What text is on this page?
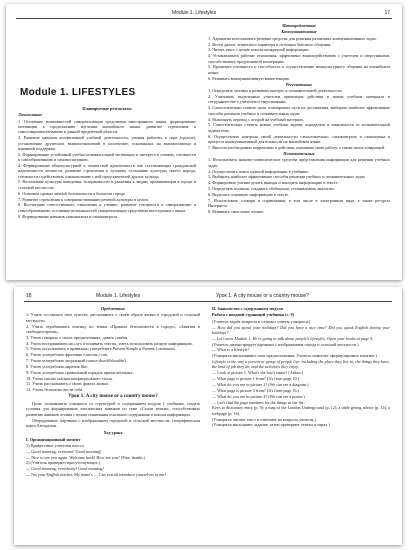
Module 1. Lifestyles	17
Module 1. LIFESTYLES

Планируемые результаты

Личностные

1. Осознание возможностей самореализации средствами иностранного языка, формирование мотивации к продолжению изучения английского языка, развитие стремления к самосовершенствованию в данной предметной области.

2. Развитие навыков коллективной учебной деятельности, умения работать в паре (группе), установление дружеских взаимоотношений в коллективе, основанных на взаимопомощи и взаимной поддержке.

3. Формирование устойчивой учебно-познавательной мотивации и интереса к учению, готовности к самообразованию и самовоспитанию.

4. Формирование общекультурной и этнической идентичности как составляющих гражданской идентичности личности, развитие стремления к лучшему осознанию культуры своего народа, готовности содействовать ознакомлению с ней представителей других культур.

5. Воспитание культуры поведения, толерантности и уважения к людям, проживающим в городе и сельской местности.

6. Освоение правил личной безопасности в большом городе.

7. Развитие стремления к совершенствованию речевой культуры в целом.

8. Воспитание ответственного отношения к учению, развитие готовности к саморазвитию и самообразованию; осознание возможностей самореализации средствами иностранного языка.

9. Формирование навыков самоанализа и самоконтроля.

Метапредметные

Коммуникативные

1. Адекватно использовать речевые средства для решения различных коммуникативных задач.

2. Вести диалог этикетного характера в ситуации бытового общения.

3. Читать текст с целью поиска конкретной информации.

4. Устанавливать рабочие отношения, эффективно взаимодействовать с учителем и сверстниками, способствовать продуктивной кооперации.

5. Проявлять готовность и способность к осуществлению межкультурного общения на английском языке.

6. Развивать коммуникативную компетенцию.

Регулятивные

1. Определять мотивы и развивать интерес к познавательной деятельности.

2. Учитывать выделенные учителем ориентиры действия в новом учебном материале в сотрудничестве с учителем и сверстниками.

3. Самостоятельно ставить цели, планировать пути их достижения, выбирать наиболее эффективные способы решения учебных и познавательных задач.

4. Выполнять перевод с опорой на учебный материал.

5. Самостоятельно ставить новые учебные задачи, определять в зависимости от познавательной задачи тему.

6. Осуществлять контроль своей деятельности самостоятельно, самоконтроль и самооценка в процессе коммуникативной деятельности на английском языке.

7. Вносить необходимые коррективы в действия, оценивать свою работу, а также своих товарищей.

Познавательные

1. Использовать знаково-символические средства представления информации для решения учебных задач.

2. Осуществлять поиск нужной информации в учебнике.

3. Выбирать наиболее эффективные способы решения учебных и познавательных задач.

4. Формировать умение делать выводы и находить информацию в тексте.

5. Определять понятия, создавать обобщения, устанавливать аналогии.

6. Выделять основную информацию в тексте.

7. Использовать словари и справочники, в том числе в электронном виде, а также ресурсы Интернета.

8. Развивать смысловое чтение.

18	Module 1. Lifestyles	Урок 1. A city mouse or a country mouse?

Предметные

1. Учить составлять свое чувство, рассказывать о своём образе жизни в городской и сельской местности.

2. Учить отрабатывать лексику по темам «Правила безопасности в городе», «Занятия в свободное время».

3. Учить говорить о своих предпочтениях, давать советы.

4. Учить воспринимать на слух и понимать тексты, уметь использовать разную информацию.

5. Учить использовать в правильно употреблять Present Simple и Present Continuous.

6. Учить употреблять фразовые глаголы с run.

7. Учить употреблять модальный глагол should/shouldn't.

8. Учить употреблять наречия like.

9. Учить употреблять правильный порядок прилагательных.

10. Учить писать письма неофициального стиля.

11. Учить рассказывать о своих фактах жизни.

12. Учить безопасно вести себя.

Урок 1. A city mouse or a country mouse?

Цели: познакомить учащихся со структурой и содержанием модуля 1 учебника, создать условия для формирования лексических навыков по теме «Стили жизни», способствовать развитию навыков чтения с целью понимания основного содержания и поиска информации.

Оборудование: картинки с изображением городской и сельской местности, географическая карта Австралии.

Ход урока

I. Организационный момент

1) Приветствие учителем класса.

— Good morning, everyone! Good morning!

— Nice to see you again. Welcome back! How are you? (Fine, thanks.)

2) (Учитель проверяет присутствующих.)

— Good morning, everybody! Good morning!

— I'm your English teacher. My name's … Can you all introduce yourselves to me?

II. Знакомство с содержанием модуля

Работа с вводной страницей учебника (с. 9)

(Учитель задаёт вопросы и слушает ответы учащихся.)

— How did you spend your holidays? Did you have a nice time? Did you speak English during your holidays?

— Let's start Module 1. We're going to talk about people's lifestyles. Open your books at page 9.

(Учитель демонстрирует картинки с изображением города и сельской местности.)

— What is a lifestyle?

(Учащиеся высказывают свои предположения. Учитель помогает сформулировать понятие.)

Lifestyle is the way a person or group of people live, including the place they live in, the things they have, the kind of job they do, and the activities they enjoy.

— Look at picture 1. What's the boy's name? (Arthur.)

— What page is picture 1 from? (It's from page 10.)

— What do you see in picture 2? (We can see a diagram.)

— What page is picture 3 from? (It's from page 16.)

— What do you see in picture 4? (We can see a poster.)

— Let's find the page numbers for the things in the list.

Keys to dictionary entry (p. 9): a map of the London Underground (p. 12), a table giving advice (p. 14), a webpage (p. 16).

(Учащиеся читают текст и отвечают на вопросы учителя.)

(Учащиеся выполняют задание, затем проверяют ответы в парах.)
